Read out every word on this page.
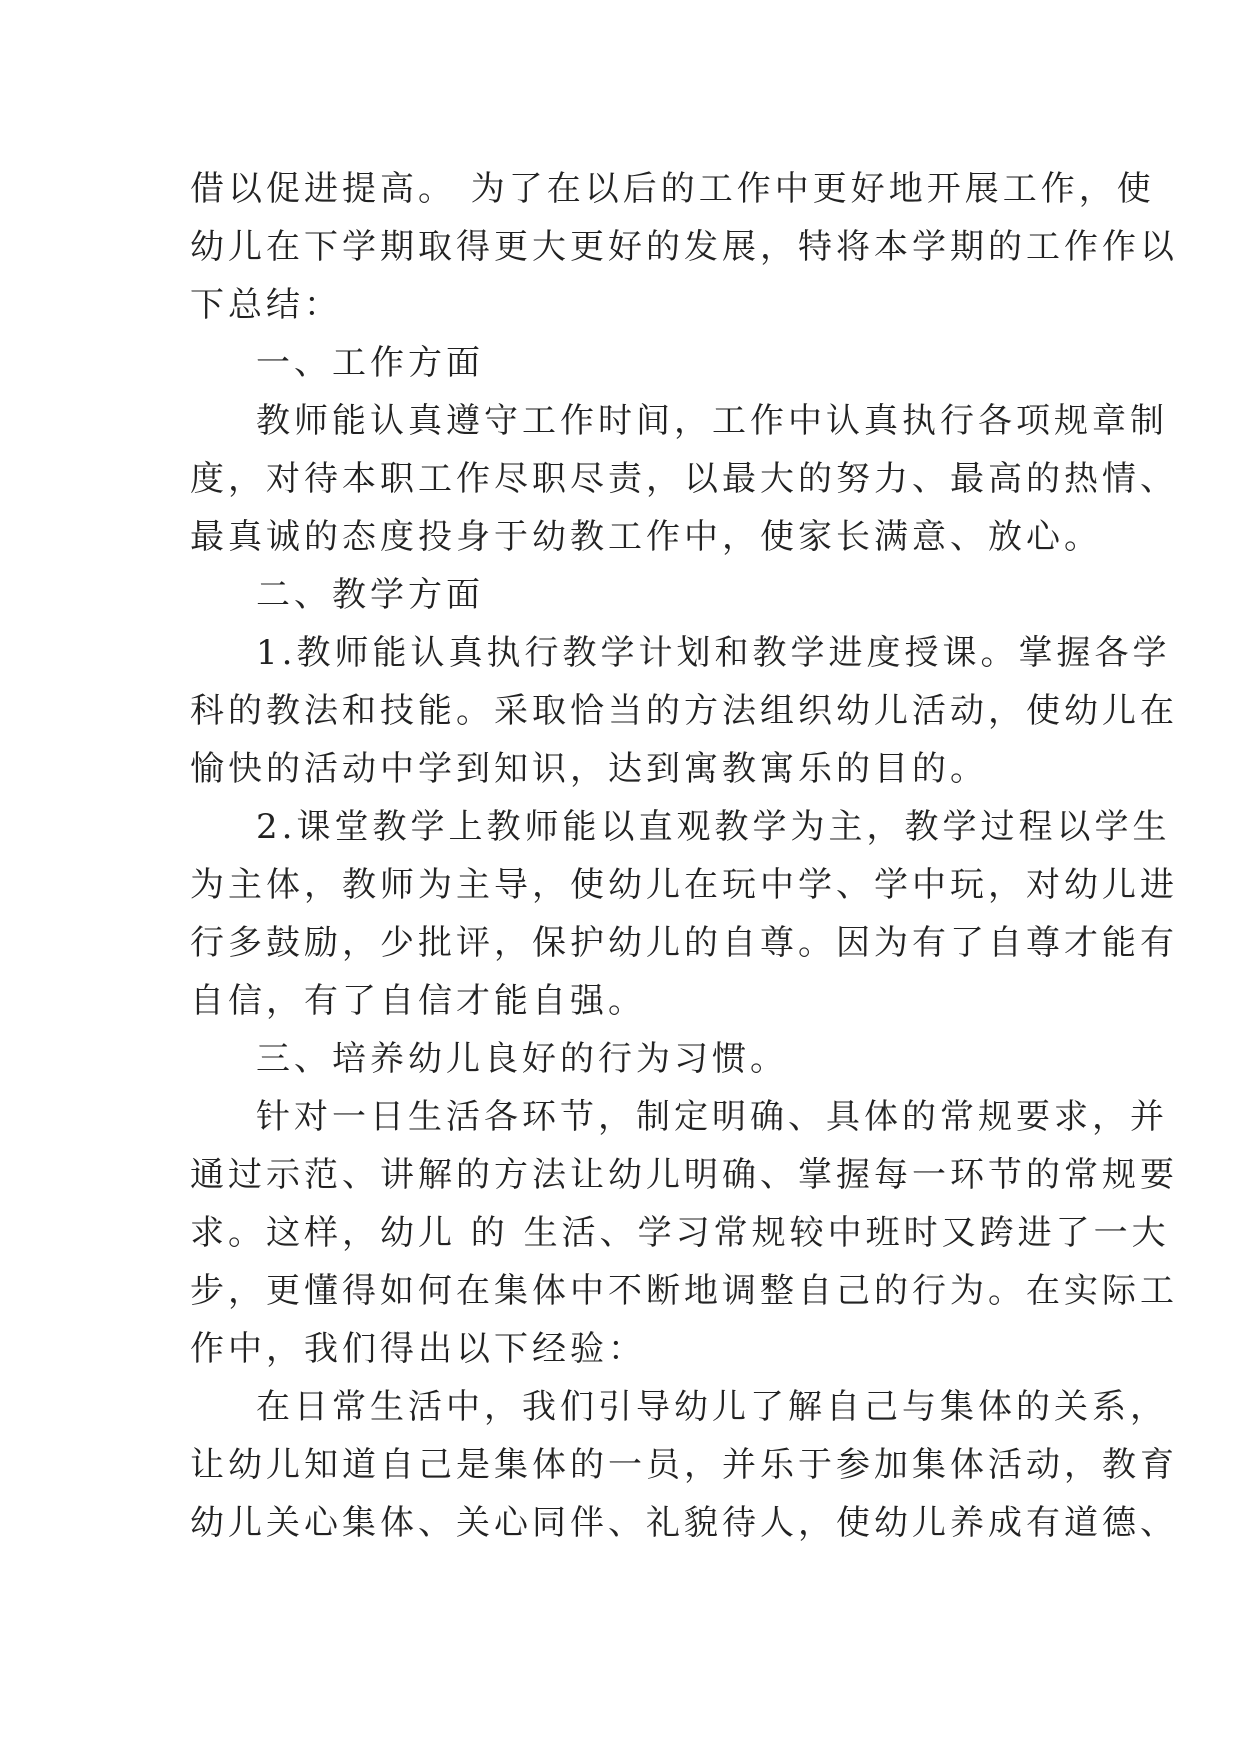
借以促进提高。 为了在以后的工作中更好地开展工作，使
幼儿在下学期取得更大更好的发展，特将本学期的工作作以
下总结：
一、工作方面
教师能认真遵守工作时间，工作中认真执行各项规章制
度，对待本职工作尽职尽责，以最大的努力、最高的热情、
最真诚的态度投身于幼教工作中，使家长满意、放心。
二、教学方面
1.教师能认真执行教学计划和教学进度授课。掌握各学
科的教法和技能。采取恰当的方法组织幼儿活动，使幼儿在
愉快的活动中学到知识，达到寓教寓乐的目的。
2.课堂教学上教师能以直观教学为主，教学过程以学生
为主体，教师为主导，使幼儿在玩中学、学中玩，对幼儿进
行多鼓励，少批评，保护幼儿的自尊。因为有了自尊才能有
自信，有了自信才能自强。
三、培养幼儿良好的行为习惯。
针对一日生活各环节，制定明确、具体的常规要求，并
通过示范、讲解的方法让幼儿明确、掌握每一环节的常规要
求。这样，幼儿 的 生活、学习常规较中班时又跨进了一大
步，更懂得如何在集体中不断地调整自己的行为。在实际工
作中，我们得出以下经验：
在日常生活中，我们引导幼儿了解自己与集体的关系，
让幼儿知道自己是集体的一员，并乐于参加集体活动，教育
幼儿关心集体、关心同伴、礼貌待人，使幼儿养成有道德、
